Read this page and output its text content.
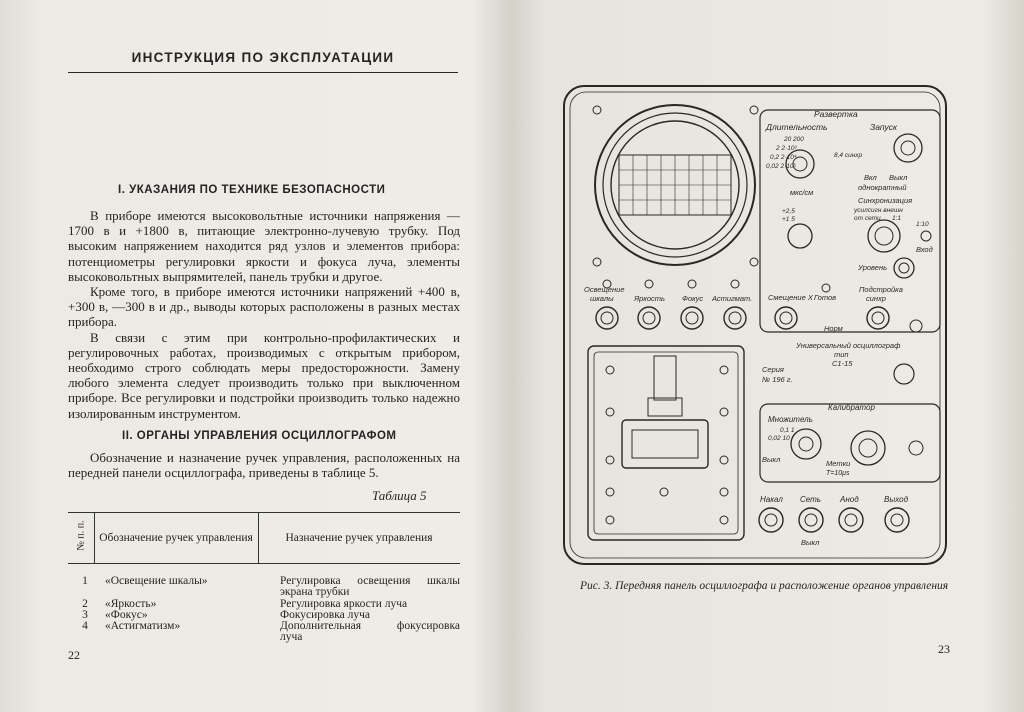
ИНСТРУКЦИЯ ПО ЭКСПЛУАТАЦИИ
I. УКАЗАНИЯ ПО ТЕХНИКЕ БЕЗОПАСНОСТИ

В приборе имеются высоковольтные источники напряжения —1700 в и +1800 в, питающие электронно-лучевую трубку. Под высоким напряжением находится ряд узлов и элементов прибора: потенциометры регулировки яркости и фокуса луча, элементы высоковольтных выпрямителей, панель трубки и другое.

Кроме того, в приборе имеются источники напряжений +400 в, +300 в, —300 в и др., выводы которых расположены в разных местах прибора.

В связи с этим при контрольно-профилактических и регулировочных работах, производимых с открытым прибором, необходимо строго соблюдать меры предосторожности. Замену любого элемента следует производить только при выключенном приборе. Все регулировки и подстройки производить только надежно изолированным инструментом.

II. ОРГАНЫ УПРАВЛЕНИЯ ОСЦИЛЛОГРАФОМ

Обозначение и назначение ручек управления, расположенных на передней панели осциллографа, приведены в таблице 5.

Таблица 5
№ п. п.	Обозначение ручек управления	Назначение ручек управления
1	«Освещение шкалы»	Регулировка освещения шкалы
экрана трубки
2	«Яркость»	Регулировка яркости луча
3	«Фокус»	Фокусировка луча
4	«Астигматизм»	Дополнительная фокусировка
луча
22
Развертка
Длительность	Запуск
20 200
2 2·10³
0,2 2·10⁴
0,02 2·10⁵
8,4 синхр
мкс/см
+2,5
+1 5
Вкл Выкл
однократный
Синхронизация
усилсигн внешн
от сети 1:1
1:10
Вход
Уровень
Освещение
шкалы	Яркость Фокус Астигмат. Смещение X Готов
Подстройка
синхр
Норм
Универсальный осциллограф
тип
С1-15
Серия
№ 196 г.
Калибратор
Множитель
0,1 1
0,02 10
Выкл	Метки
T=10μs
Накал Сеть Анод	Выход
Выкл
Рис. 3. Передняя панель осциллографа и расположение органов управления
23
